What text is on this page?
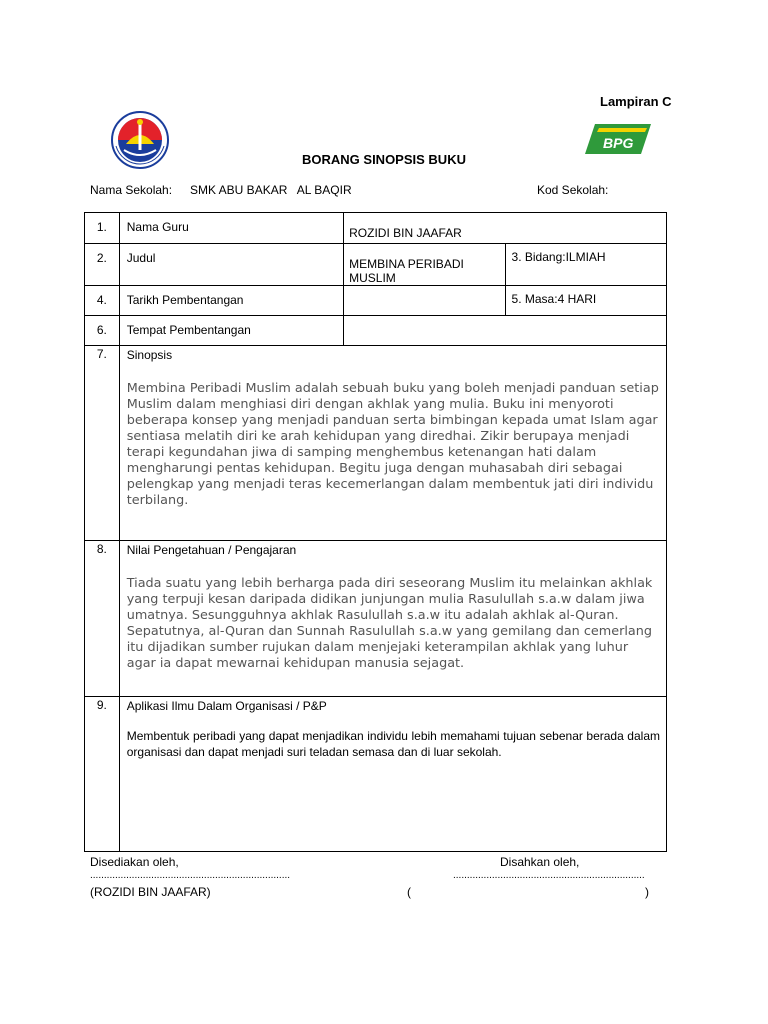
Lampiran C
BPG
BORANG SINOPSIS BUKU
Nama Sekolah: SMK ABU BAKAR   AL BAQIR	Kod Sekolah:
1.	Nama Guru	ROZIDI BIN JAAFAR	
2.	Judul	MEMBINA PERIBADI MUSLIM	3. Bidang:ILMIAH
4.	Tarikh Pembentangan		5. Masa:4 HARI
6.	Tempat Pembentangan		
7.	Sinopsis
Membina Peribadi Muslim adalah sebuah buku yang boleh menjadi panduan setiap Muslim dalam menghiasi diri dengan akhlak yang mulia. Buku ini menyoroti beberapa konsep yang menjadi panduan serta bimbingan kepada umat Islam agar sentiasa melatih diri ke arah kehidupan yang diredhai. Zikir berupaya menjadi terapi kegundahan jiwa di samping menghembus ketenangan hati dalam mengharungi pentas kehidupan. Begitu juga dengan muhasabah diri sebagai pelengkap yang menjadi teras kecemerlangan dalam membentuk jati diri individu terbilang.		

8.	Nilai Pengetahuan / Pengajaran
Tiada suatu yang lebih berharga pada diri seseorang Muslim itu melainkan akhlak yang terpuji kesan daripada didikan junjungan mulia Rasulullah s.a.w dalam jiwa umatnya. Sesungguhnya akhlak Rasulullah s.a.w itu adalah akhlak al-Quran. Sepatutnya, al-Quran dan Sunnah Rasulullah s.a.w yang gemilang dan cemerlang itu dijadikan sumber rujukan dalam menjejaki keterampilan akhlak yang luhur agar ia dapat mewarnai kehidupan manusia sejagat.		

9.	Aplikasi Ilmu Dalam Organisasi / P&P
Membentuk peribadi yang dapat menjadikan individu lebih memahami tujuan sebenar berada dalam organisasi dan dapat menjadi suri teladan semasa dan di luar sekolah.		
Disediakan oleh,
........................................................................
(ROZIDI BIN JAAFAR)
Disahkan oleh,
.....................................................................
(	)
